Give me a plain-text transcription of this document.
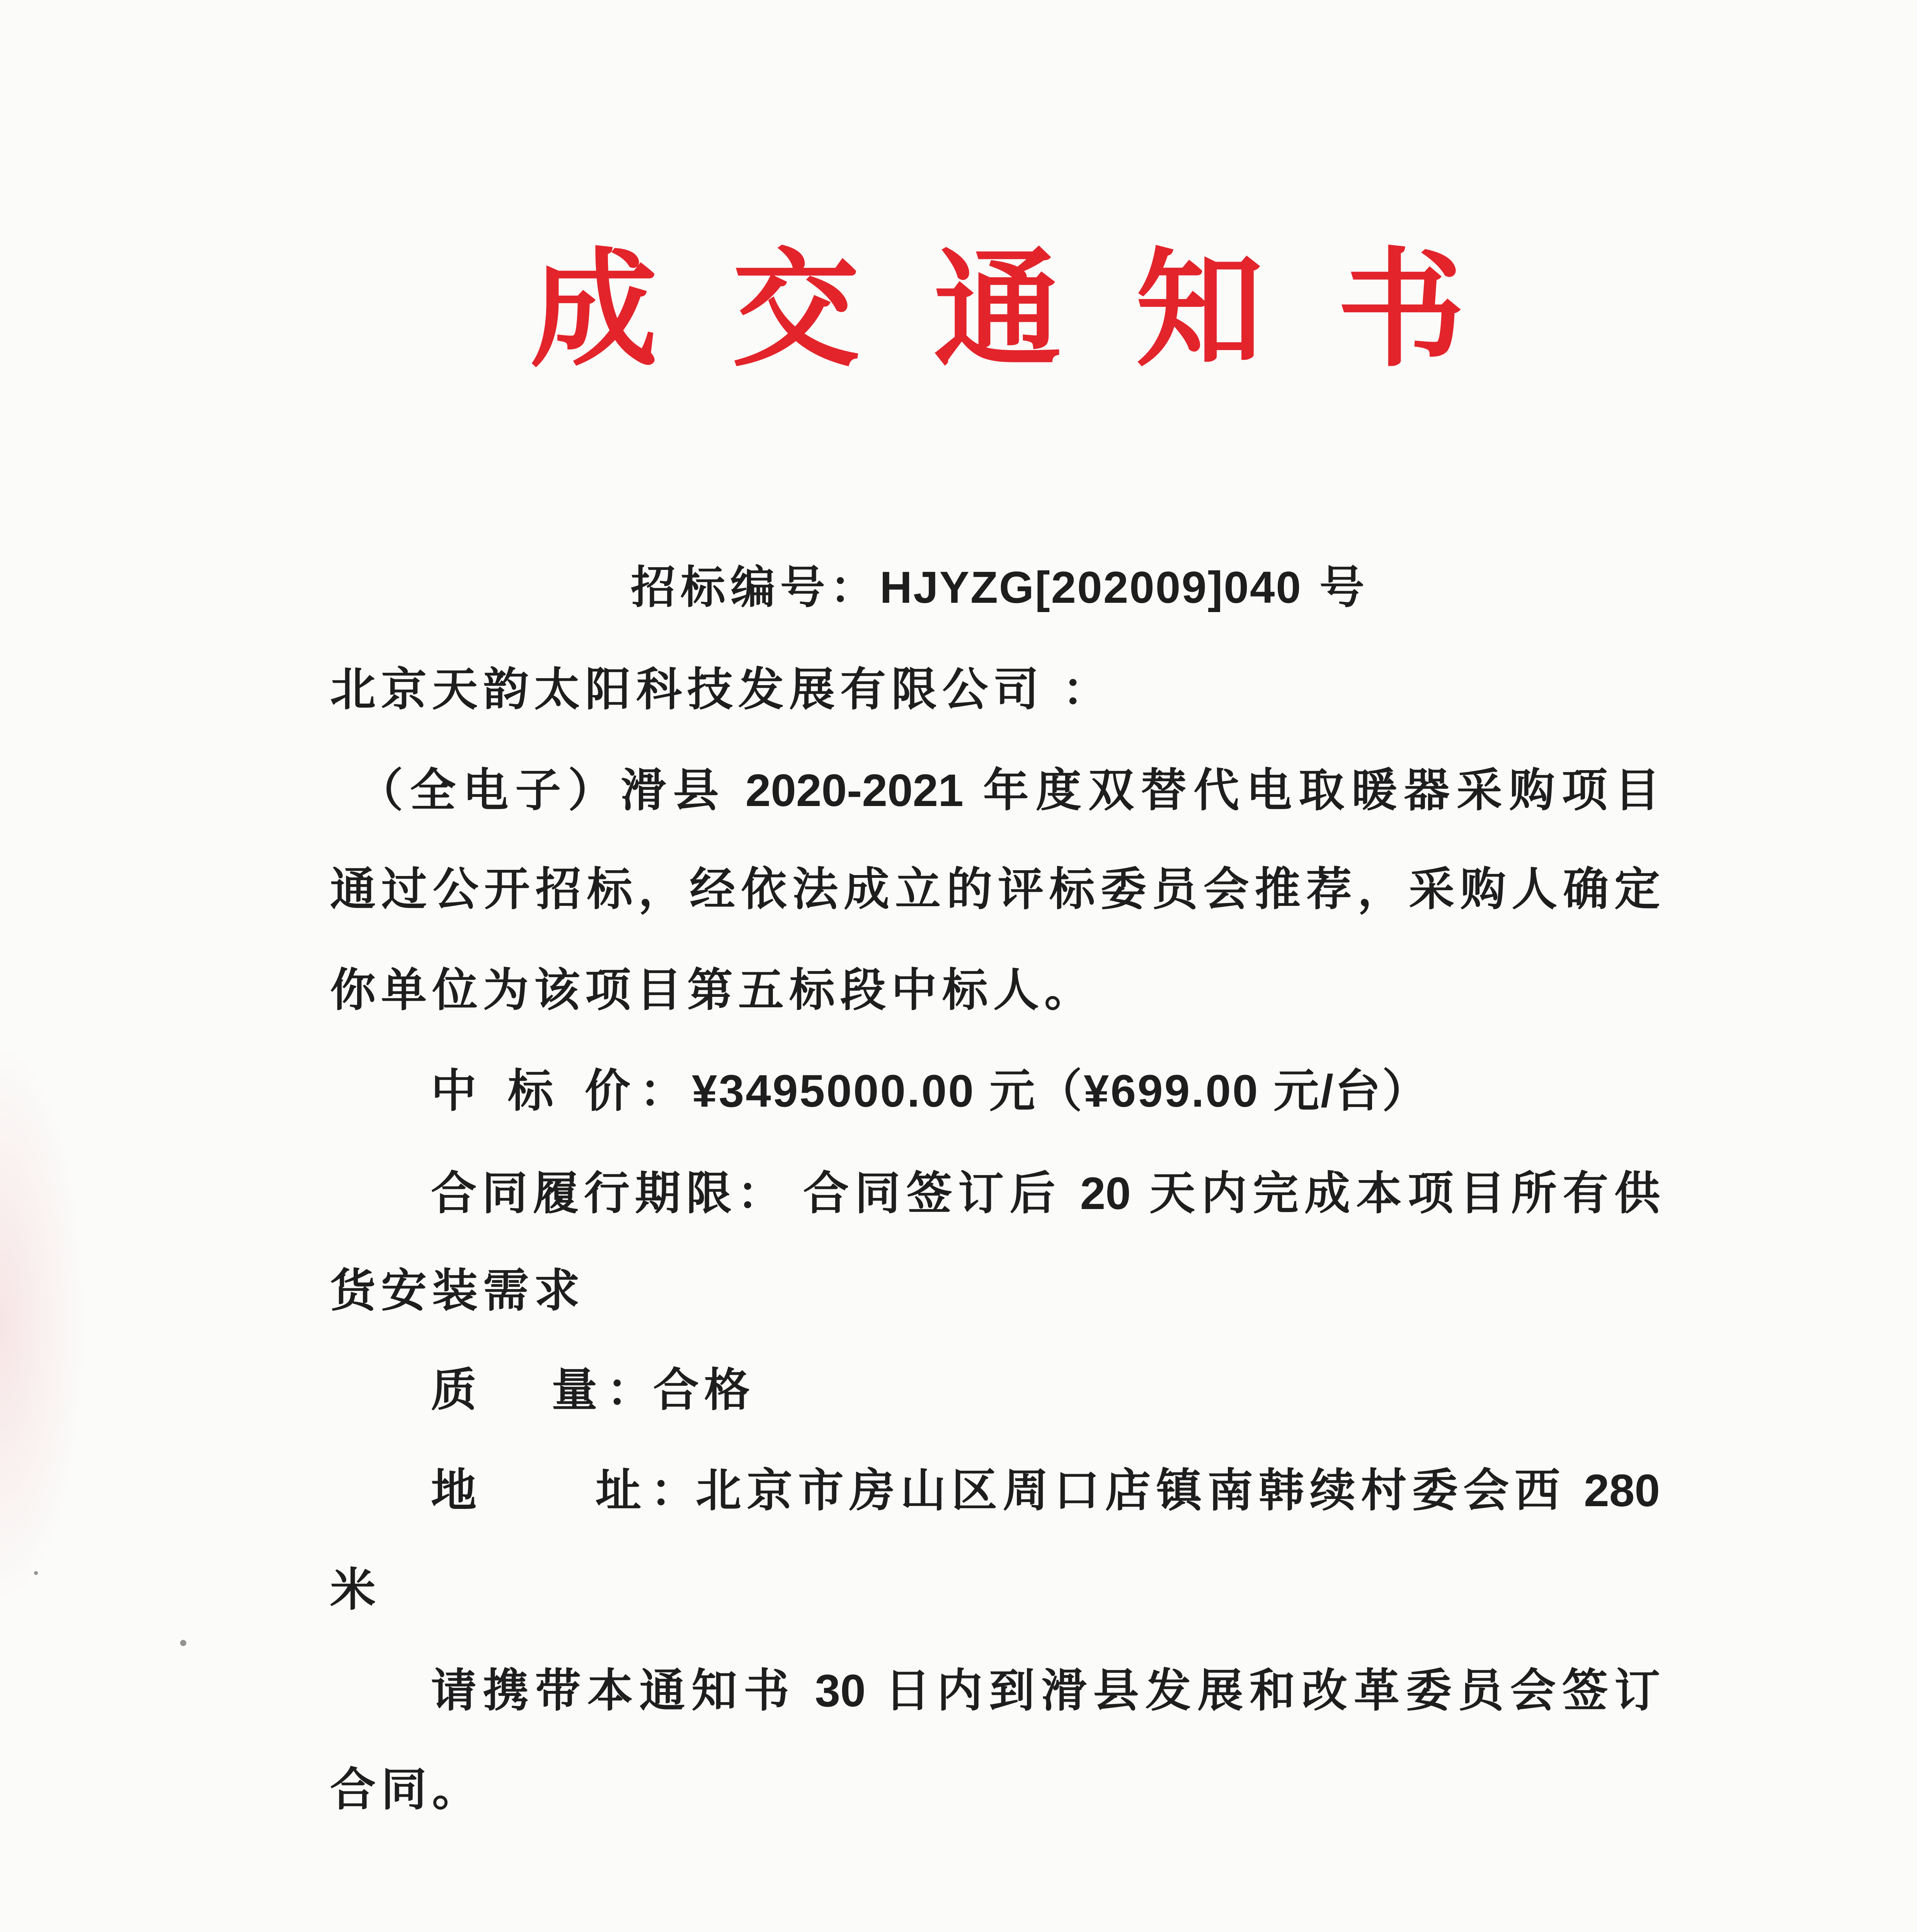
成交通知书
招标编号：HJYZG[202009]040 号
北京天韵太阳科技发展有限公司 ：
（全电子）滑县 2020-2021 年度双替代电取暖器采购项目
通过公开招标，经依法成立的评标委员会推荐，采购人确定
你单位为该项目第五标段中标人。
中 标 价：
¥3495000.00 元（¥699.00 元/台）
合同履行期限： 合同签订后 20 天内完成本项目所有供
货安装需求
质   量：
合格
地     址：
北京市房山区周口店镇南韩续村委会西 280
米
请携带本通知书 30 日内到滑县发展和改革委员会签订
合同。
